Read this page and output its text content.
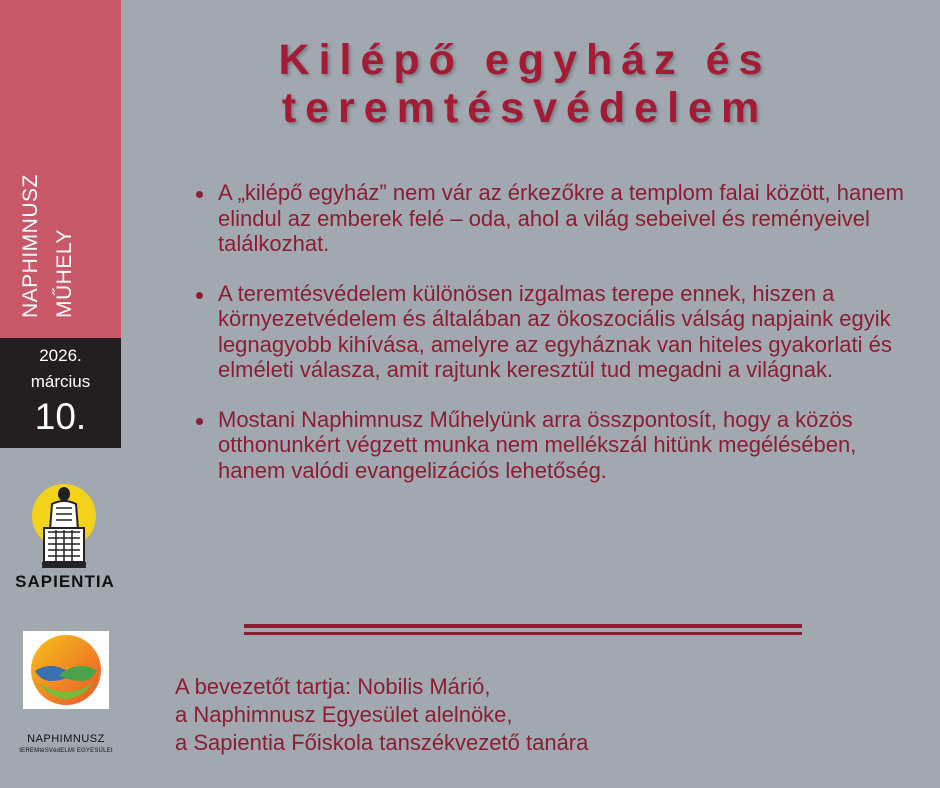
NAPHIMNUSZ MŰHELY
2026.
március
10.
SAPIENTIA
NAPHIMNUSZ
tEREMtéSVédELMI EGYESÜLEt
Kilépő egyház és
teremtésvédelem
A „kilépő egyház” nem vár az érkezőkre a templom falai között, hanem elindul az emberek felé – oda, ahol a világ sebeivel és reményeivel találkozhat.
A teremtésvédelem különösen izgalmas terepe ennek, hiszen a környezetvédelem és általában az ökoszociális válság napjaink egyik legnagyobb kihívása, amelyre az egyháznak van hiteles gyakorlati és elméleti válasza, amit rajtunk keresztül tud megadni a világnak.
Mostani Naphimnusz Műhelyünk arra összpontosít, hogy a közös otthonunkért végzett munka nem mellékszál hitünk megélésében, hanem valódi evangelizációs lehetőség.
A bevezetőt tartja: Nobilis Márió,
a Naphimnusz Egyesület alelnöke,
a Sapientia Főiskola tanszékvezető tanára
